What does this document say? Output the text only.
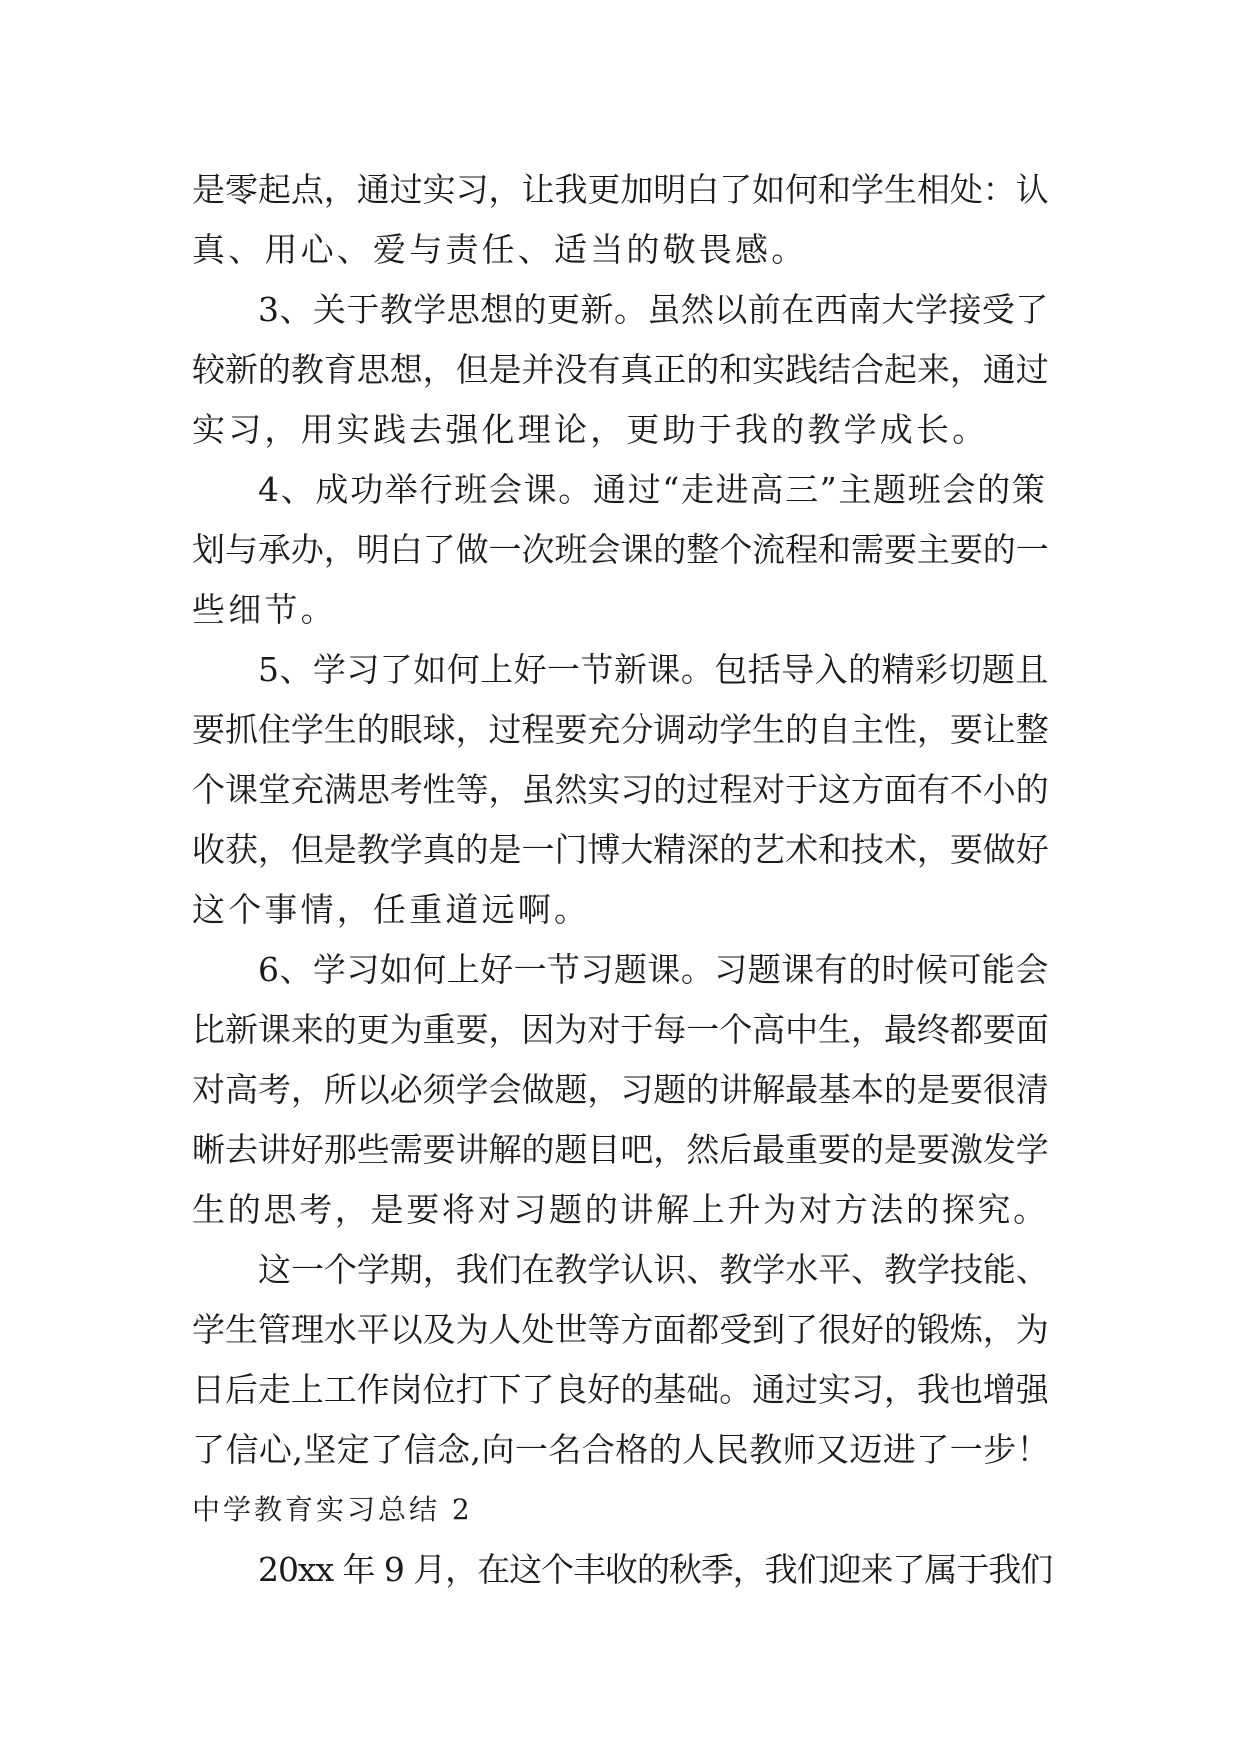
是零起点，通过实习，让我更加明白了如何和学生相处：认
真、用心、爱与责任、适当的敬畏感。
3、关于教学思想的更新。虽然以前在西南大学接受了
较新的教育思想，但是并没有真正的和实践结合起来，通过
实习，用实践去强化理论，更助于我的教学成长。
4、成功举行班会课。通过“走进高三”主题班会的策
划与承办，明白了做一次班会课的整个流程和需要主要的一
些细节。
5、学习了如何上好一节新课。包括导入的精彩切题且
要抓住学生的眼球，过程要充分调动学生的自主性，要让整
个课堂充满思考性等，虽然实习的过程对于这方面有不小的
收获，但是教学真的是一门博大精深的艺术和技术，要做好
这个事情，任重道远啊。
6、学习如何上好一节习题课。习题课有的时候可能会
比新课来的更为重要，因为对于每一个高中生，最终都要面
对高考，所以必须学会做题，习题的讲解最基本的是要很清
晰去讲好那些需要讲解的题目吧，然后最重要的是要激发学
生的思考，是要将对习题的讲解上升为对方法的探究。
这一个学期，我们在教学认识、教学水平、教学技能、
学生管理水平以及为人处世等方面都受到了很好的锻炼，为
日后走上工作岗位打下了良好的基础。通过实习，我也增强
了信心,坚定了信念,向一名合格的人民教师又迈进了一步！
中学教育实习总结 2
20xx 年 9 月，在这个丰收的秋季，我们迎来了属于我们
